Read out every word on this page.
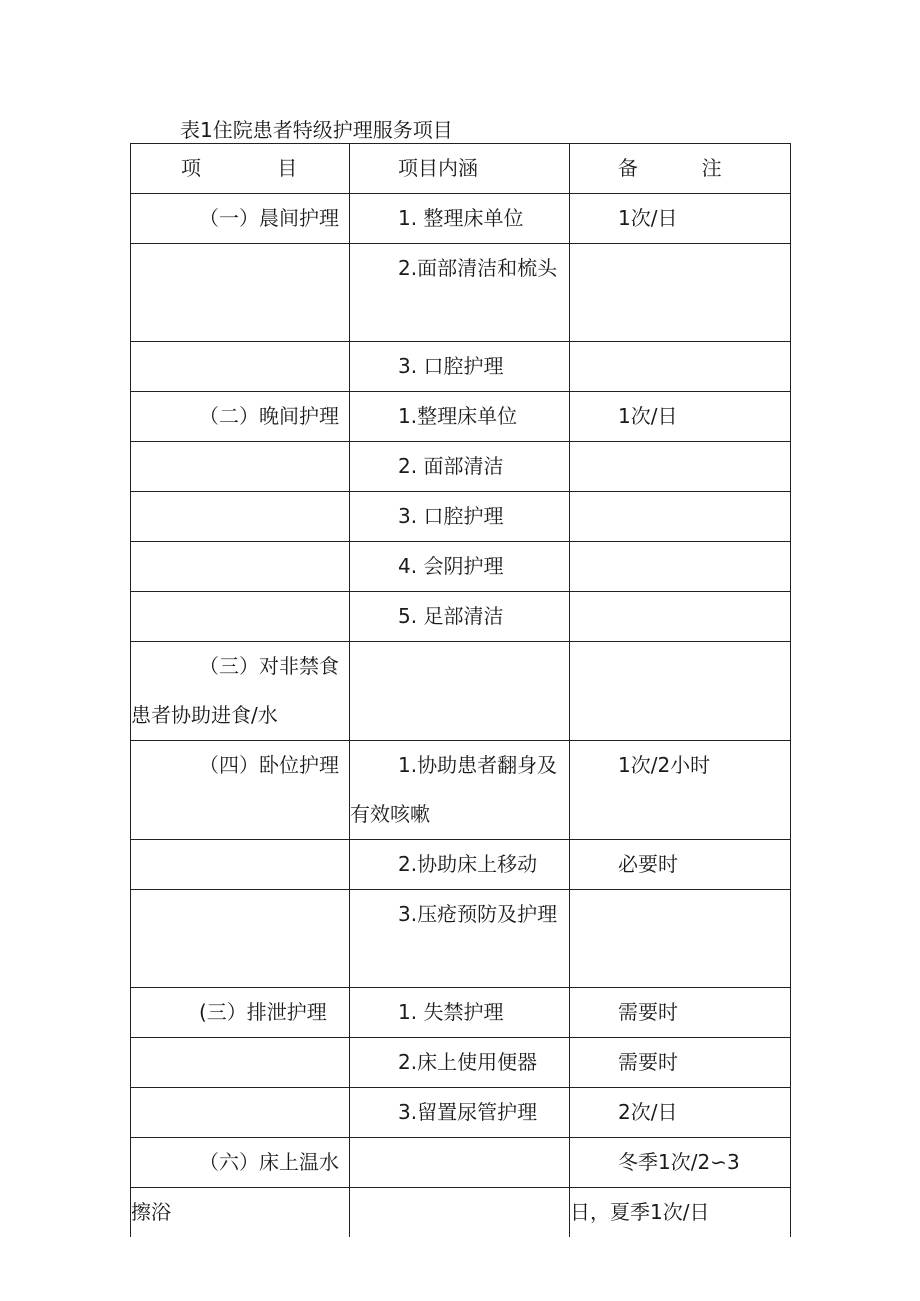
表1住院患者特级护理服务项目
项            目	项目内涵	备          注

（一）晨间护理	1. 整理床单位	1次/日

	2.面部清洁和梳头	

	3. 口腔护理	

（二）晚间护理	1.整理床单位	1次/日

	2. 面部清洁	

	3. 口腔护理	

	4. 会阴护理	

	5. 足部清洁	

（三）对非禁食患者协助进食/水		

（四）卧位护理	1.协助患者翻身及有效咳嗽	1次/2小时

	2.协助床上移动	必要时

	3.压疮预防及护理	

(三）排泄护理	1. 失禁护理	需要时

	2.床上使用便器	需要时

	3.留置尿管护理	2次/日

（六）床上温水		冬季1次/2∽3

擦浴		日，夏季1次/日
